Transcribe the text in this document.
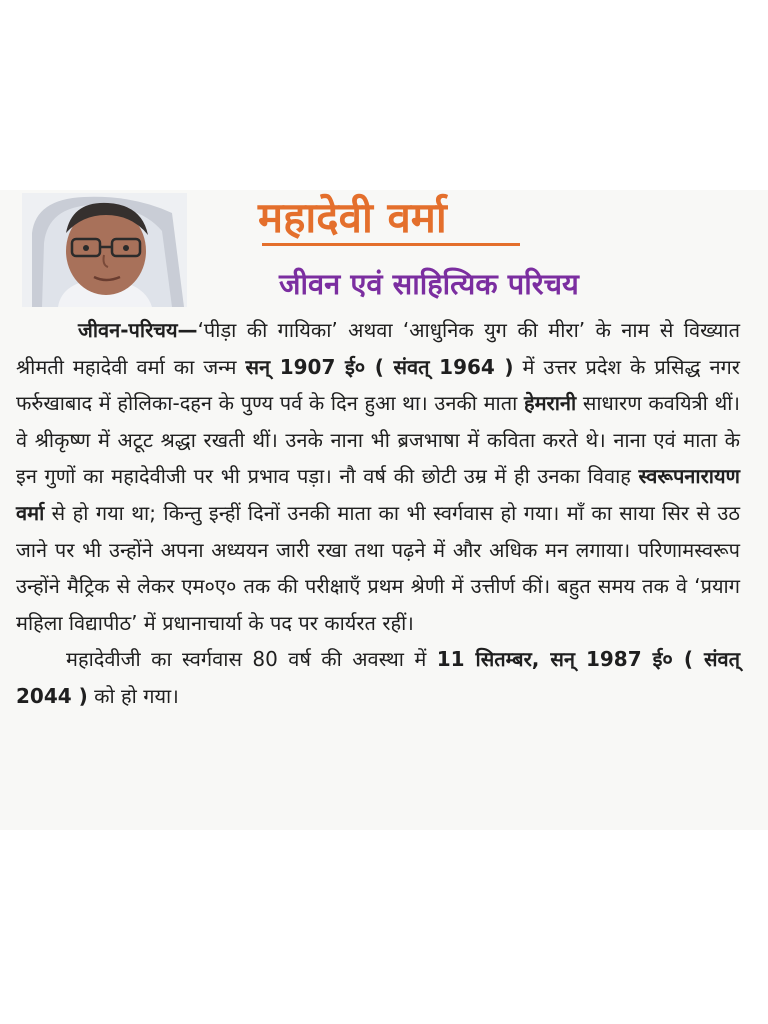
महादेवी वर्मा
जीवन एवं साहित्यिक परिचय

जीवन-परिचय—‘पीड़ा की गायिका’ अथवा ‘आधुनिक युग की मीरा’ के नाम से विख्यात श्रीमती महादेवी वर्मा का जन्म सन् 1907 ई० ( संवत् 1964 ) में उत्तर प्रदेश के प्रसिद्ध नगर फर्रुखाबाद में होलिका-दहन के पुण्य पर्व के दिन हुआ था। उनकी माता हेमरानी साधारण कवयित्री थीं। वे श्रीकृष्ण में अटूट श्रद्धा रखती थीं। उनके नाना भी ब्रजभाषा में कविता करते थे। नाना एवं माता के इन गुणों का महादेवीजी पर भी प्रभाव पड़ा। नौ वर्ष की छोटी उम्र में ही उनका विवाह स्वरूपनारायण वर्मा से हो गया था; किन्तु इन्हीं दिनों उनकी माता का भी स्वर्गवास हो गया। माँ का साया सिर से उठ जाने पर भी उन्होंने अपना अध्ययन जारी रखा तथा पढ़ने में और अधिक मन लगाया। परिणामस्वरूप उन्होंने मैट्रिक से लेकर एम०ए० तक की परीक्षाएँ प्रथम श्रेणी में उत्तीर्ण कीं। बहुत समय तक वे ‘प्रयाग महिला विद्यापीठ’ में प्रधानाचार्या के पद पर कार्यरत रहीं।

महादेवीजी का स्वर्गवास 80 वर्ष की अवस्था में 11 सितम्बर, सन् 1987 ई० ( संवत् 2044 ) को हो गया।
